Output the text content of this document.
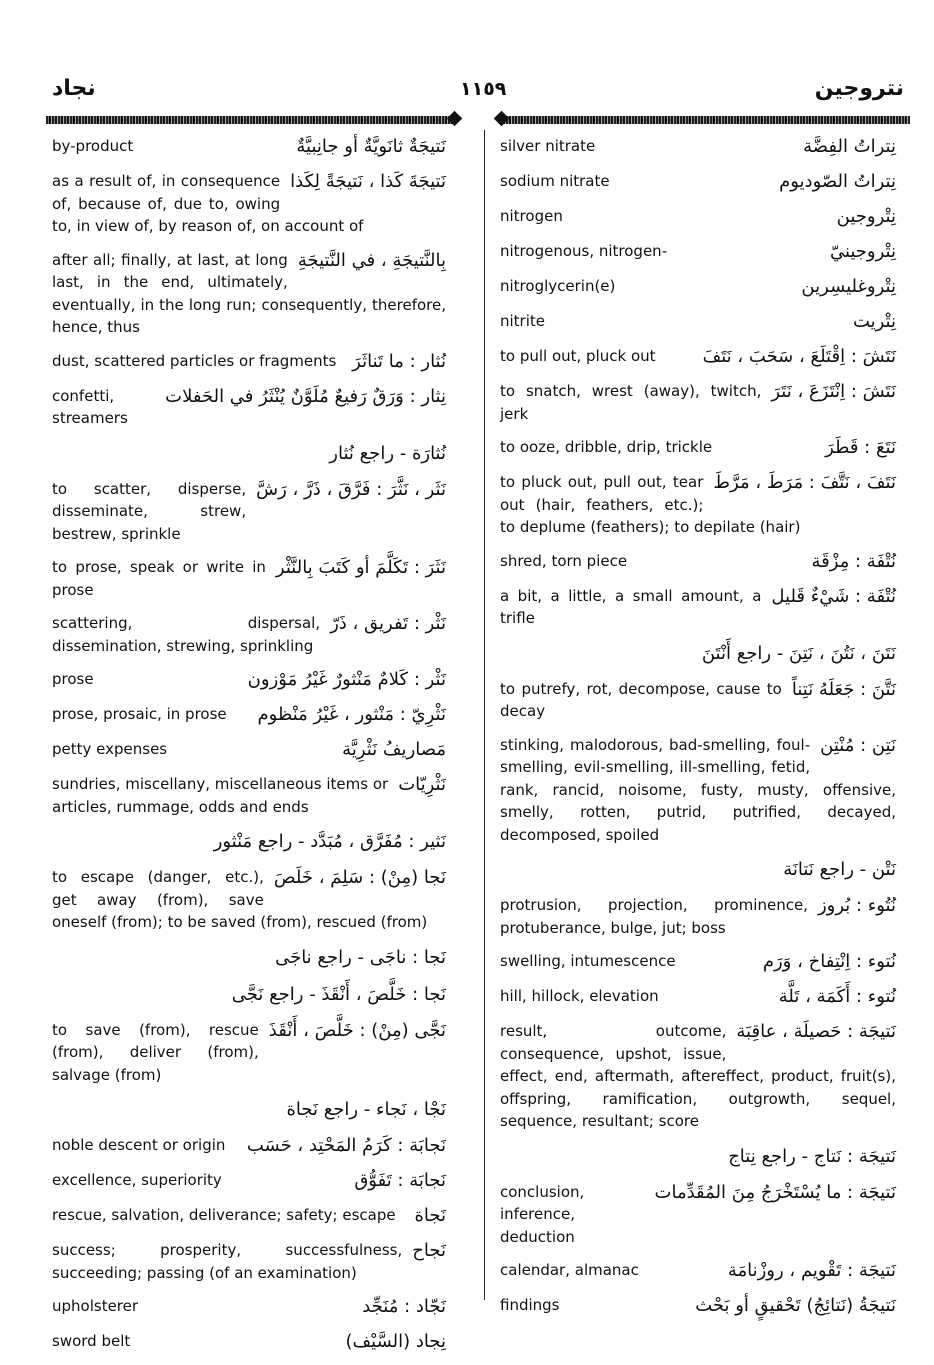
نجاد	١١٥٩	نتروجين
نَتيجَةٌ ثانَويَّةٌ أو جانِبيَّةٌ
by-product
نَتيجَةَ كَذا ، نَتيجَةً لِكَذا
as a result of, in consequence of, because of, due to, owing to, in view of, by reason of, on account of
بِالنَّتيجَةِ ، في النَّتيجَةِ
after all; finally, at last, at long last, in the end, ultimately, eventually, in the long run; consequently, therefore, hence, thus
نُثار : ما تَناثَرَ
dust, scattered particles or fragments
نِثار : وَرَقٌ رَفيعٌ مُلَوَّنٌ يُنْثَرُ في الحَفلات
confetti, streamers
نُثارَة - راجع نُثار
نَثَر ، نَثَّرَ : فَرَّقَ ، ذَرَّ ، رَشَّ
to scatter, disperse, disseminate, strew, bestrew, sprinkle
نَثَرَ : تَكَلَّمَ أو كَتَبَ بِالنَّثْر
to prose, speak or write in prose
نَثْر : تَفريق ، ذَرّ
scattering, dispersal, dissemination, strewing, sprinkling
نَثْر : كَلامٌ مَنْثورٌ غَيْرُ مَوْزون
prose
نَثْرِيّ : مَنْثور ، غَيْرُ مَنْظوم
prose, prosaic, in prose
مَصاريفُ نَثْرِيَّة
petty expenses
نَثْرِيّات
sundries, miscellany, miscellaneous items or articles, rummage, odds and ends
نَثير : مُفَرَّق ، مُبَدَّد - راجع مَنْثور
نَجا (مِنْ) : سَلِمَ ، خَلَصَ
to escape (danger, etc.), get away (from), save oneself (from); to be saved (from), rescued (from)
نَجا : ناجَى - راجع ناجَى
نَجا : خَلَّصَ ، أَنْقَذَ - راجع نَجَّى
نَجَّى (مِنْ) : خَلَّصَ ، أَنْقَذَ
to save (from), rescue (from), deliver (from), salvage (from)
نَجْا ، نَجاء - راجع نَجاة
نَجابَة : كَرَمُ المَحْتِد ، حَسَب
noble descent or origin
نَجابَة : تَفَوُّق
excellence, superiority
نَجاة
rescue, salvation, deliverance; safety; escape
نَجاح
success; prosperity, successfulness, succeeding; passing (of an examination)
نَجّاد : مُنَجِّد
upholsterer
نِجاد (السَّيْف)
sword belt
نِتراتُ الفِضَّة
silver nitrate
نِتراتُ الصّوديوم
sodium nitrate
نِتْروجين
nitrogen
نِتْروجينيّ
nitrogenous, nitrogen-
نِتْروغليسِرين
nitroglycerin(e)
نِتْريت
nitrite
نَتَشَ : اِقْتَلَعَ ، سَحَبَ ، نَتَفَ
to pull out, pluck out
نَتَشَ : اِنْتَزَعَ ، نَتَرَ
to snatch, wrest (away), twitch, jerk
نَتَعَ : قَطَرَ
to ooze, dribble, drip, trickle
نَتَفَ ، نَتَّفَ : مَرَطَ ، مَرَّطَ
to pluck out, pull out, tear out (hair, feathers, etc.); to deplume (feathers); to depilate (hair)
نُتْفَة : مِزْقَة
shred, torn piece
نُتْفَة : شَيْءٌ قَليل
a bit, a little, a small amount, a trifle
نَتَنَ ، نَتُنَ ، نَتِنَ - راجع أَنْتَنَ
نَتَّنَ : جَعَلَهُ نَتِناً
to putrefy, rot, decompose, cause to decay
نَتِن : مُنْتِن
stinking, malodorous, bad-smelling, foul-smelling, evil-smelling, ill-smelling, fetid, rank, rancid, noisome, fusty, musty, offensive, smelly, rotten, putrid, putrified, decayed, decomposed, spoiled
نَتْن - راجع نَتانَة
نُتُوء : بُروز
protrusion, projection, prominence, protuberance, bulge, jut; boss
نُتوء : اِنْتِفاخ ، وَرَم
swelling, intumescence
نُتوء : أَكَمَة ، تَلَّة
hill, hillock, elevation
نَتيجَة : حَصيلَة ، عاقِبَة
result, outcome, consequence, upshot, issue, effect, end, aftermath, aftereffect, product, fruit(s), offspring, ramification, outgrowth, sequel, sequence, resultant; score
نَتيجَة : نَتاج - راجع نِتاج
نَتيجَة : ما يُسْتَخْرَجُ مِنَ المُقَدِّمات
conclusion, inference, deduction
نَتيجَة : تَقْويم ، روزْنامَة
calendar, almanac
نَتيجَةُ (نَتائِجُ) تَحْقيقٍ أو بَحْث
findings
